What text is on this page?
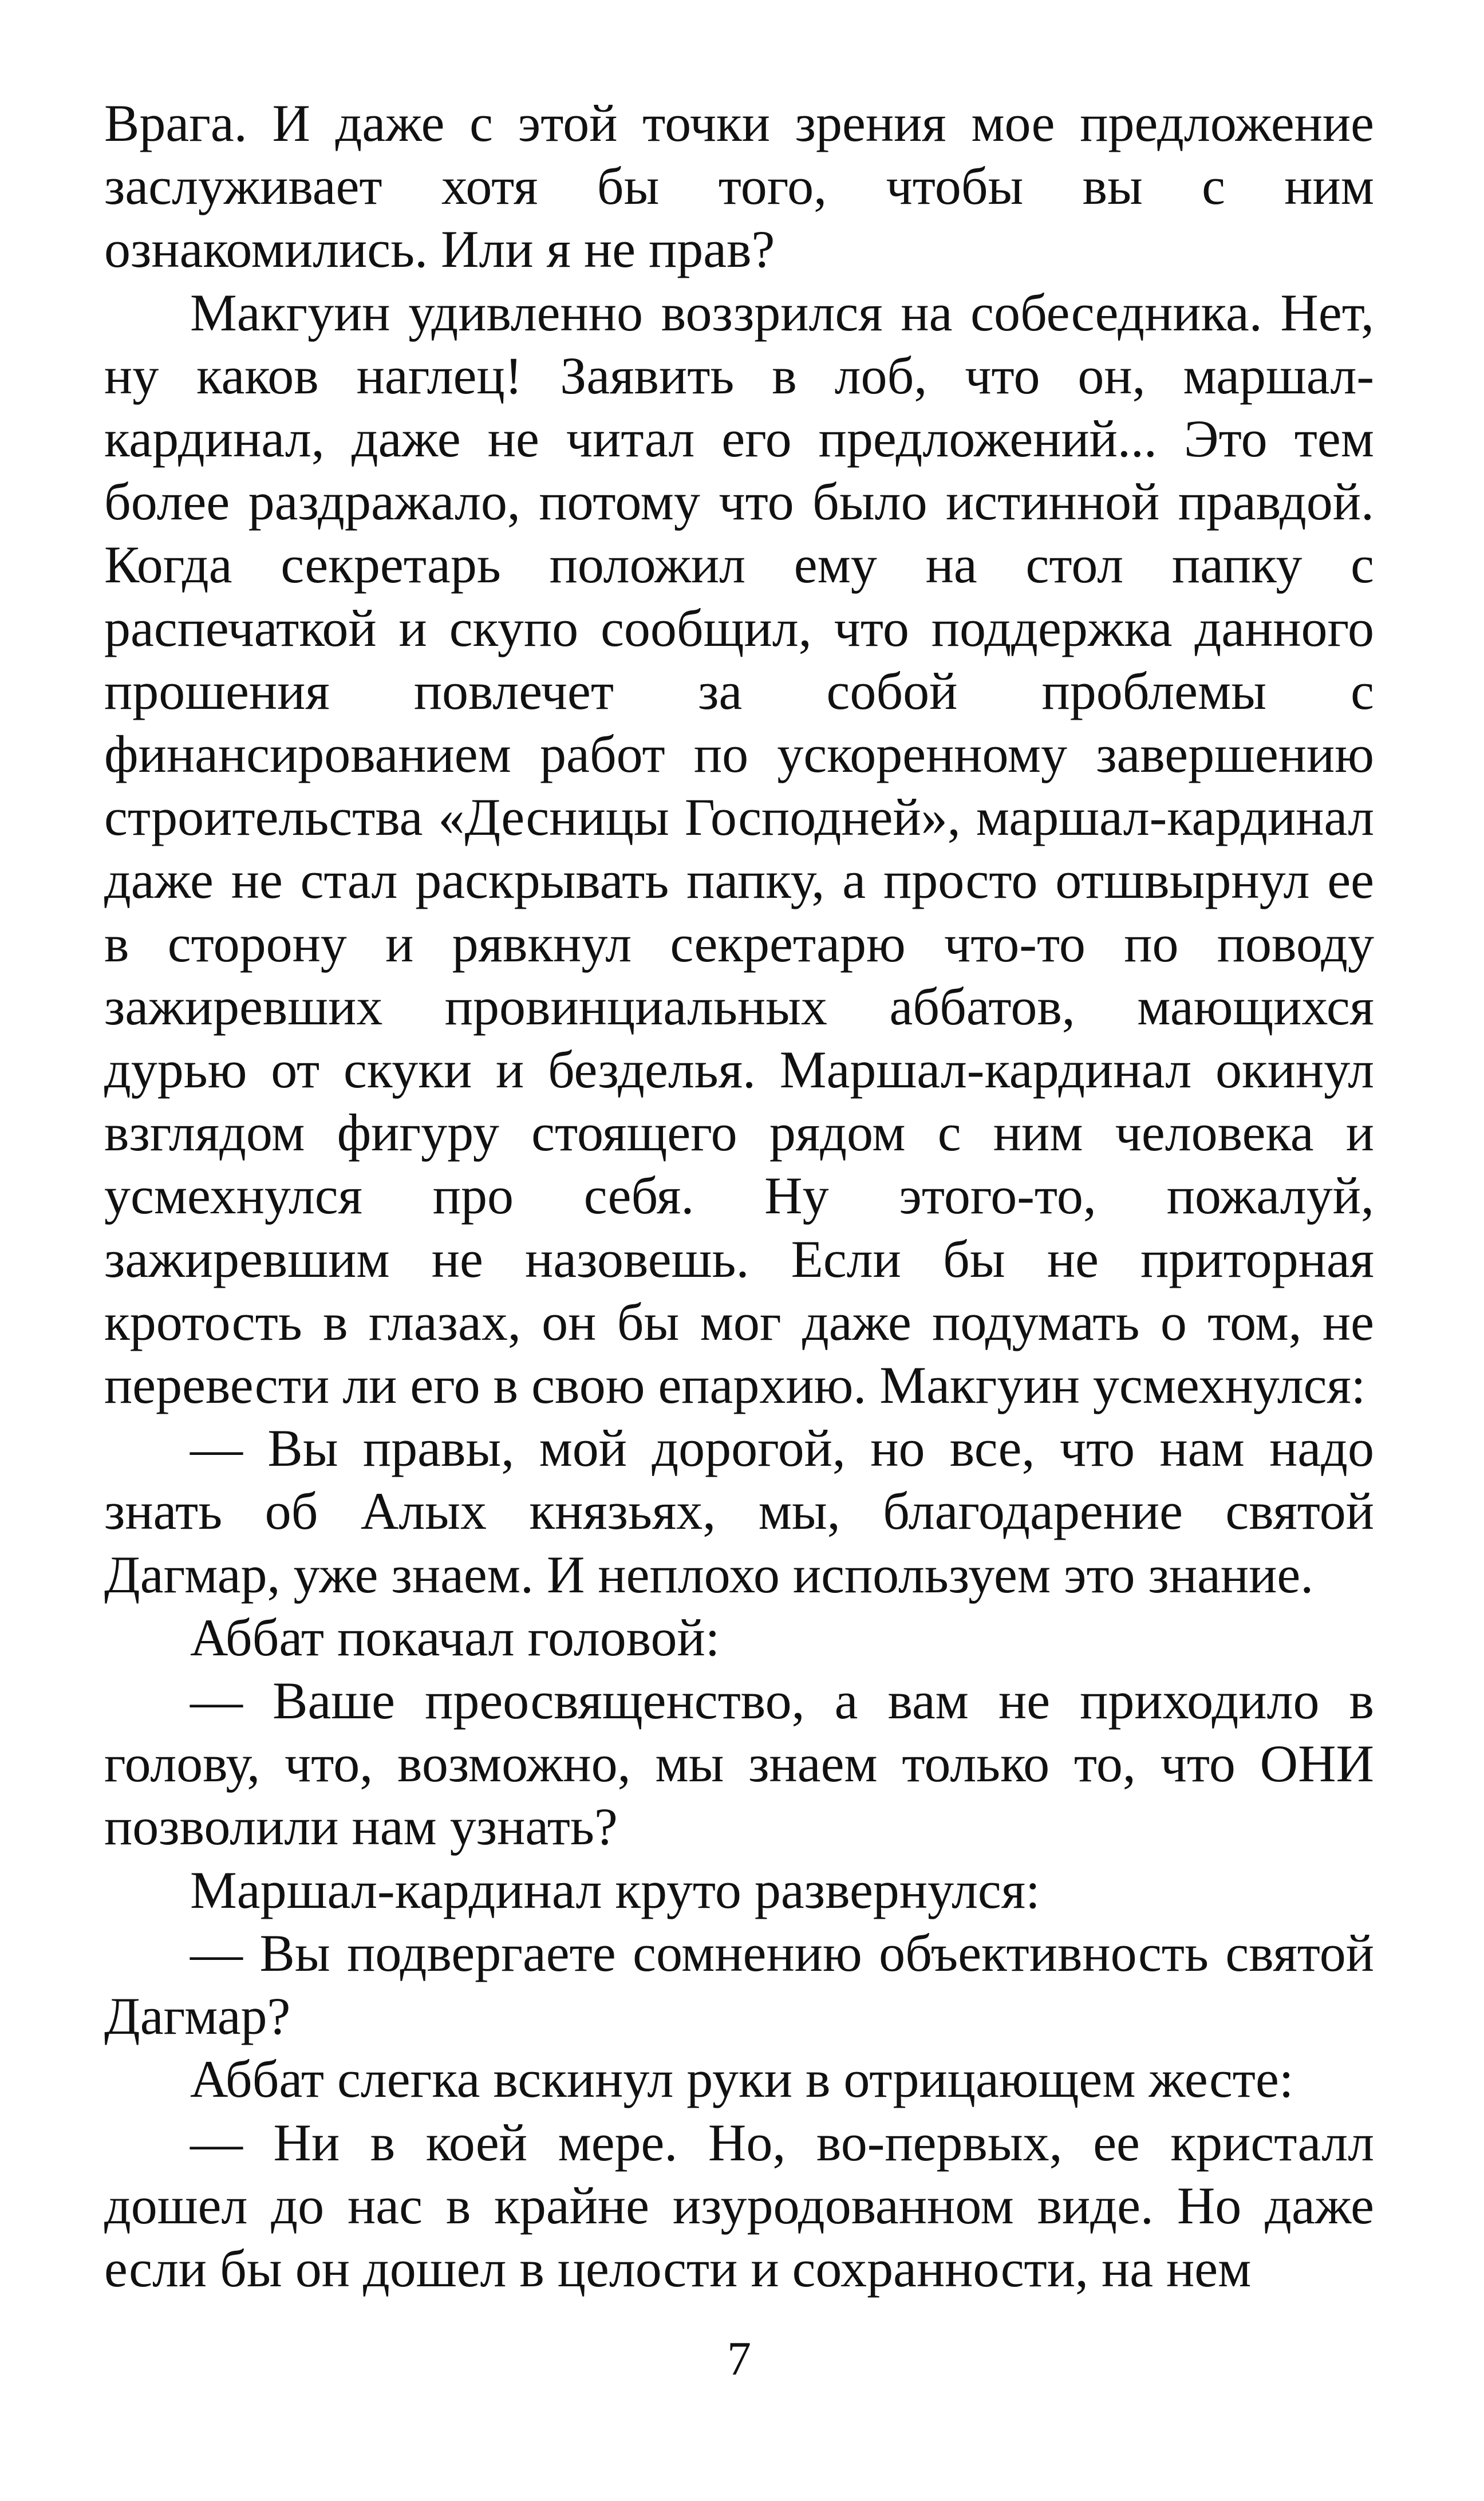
Врага. И даже с этой точки зрения мое предложение заслуживает хотя бы того, чтобы вы с ним ознакомились. Или я не прав?

Макгуин удивленно воззрился на собеседника. Нет, ну каков наглец! Заявить в лоб, что он, маршал-кардинал, даже не читал его предложений... Это тем более раздражало, потому что было истинной правдой. Когда секретарь положил ему на стол папку с распечаткой и скупо сообщил, что поддержка данного прошения повлечет за собой проблемы с финансированием работ по ускоренному завершению строительства «Десницы Господней», маршал-кардинал даже не стал раскрывать папку, а просто отшвырнул ее в сторону и рявкнул секретарю что-то по поводу зажиревших провинциальных аббатов, мающихся дурью от скуки и безделья. Маршал-кардинал окинул взглядом фигуру стоящего рядом с ним человека и усмехнулся про себя. Ну этого-то, пожалуй, зажиревшим не назовешь. Если бы не приторная кротость в глазах, он бы мог даже подумать о том, не перевести ли его в свою епархию. Макгуин усмехнулся:

— Вы правы, мой дорогой, но все, что нам надо знать об Алых князьях, мы, благодарение святой Дагмар, уже знаем. И неплохо используем это знание.

Аббат покачал головой:

— Ваше преосвященство, а вам не приходило в голову, что, возможно, мы знаем только то, что ОНИ позволили нам узнать?

Маршал-кардинал круто развернулся:

— Вы подвергаете сомнению объективность святой Дагмар?

Аббат слегка вскинул руки в отрицающем жесте:

— Ни в коей мере. Но, во-первых, ее кристалл дошел до нас в крайне изуродованном виде. Но даже если бы он дошел в целости и сохранности, на нем

7
